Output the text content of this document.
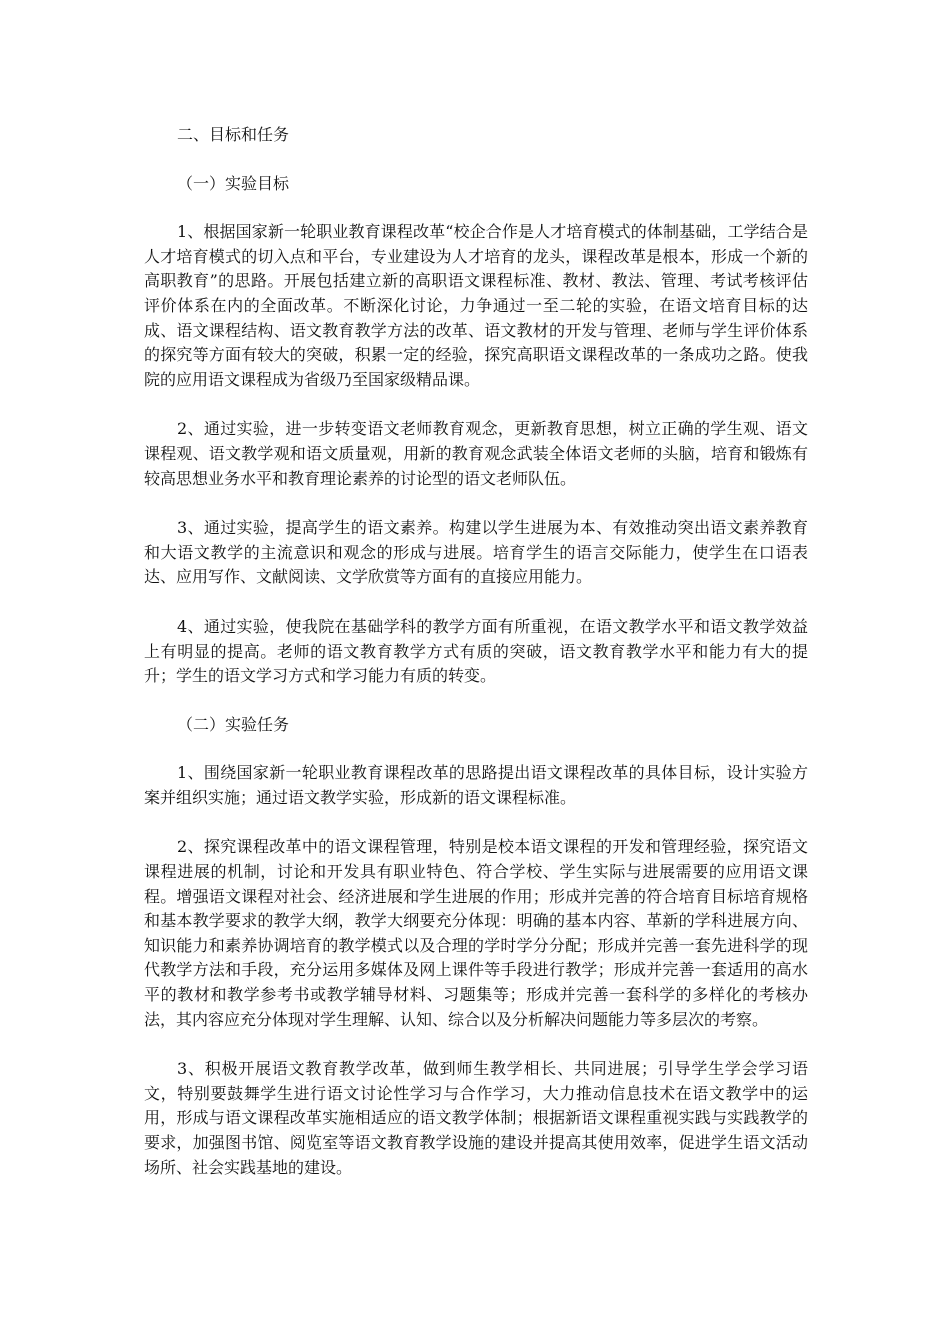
二、目标和任务

（一）实验目标

1、根据国家新一轮职业教育课程改革“校企合作是人才培育模式的体制基础，工学结合是人才培育模式的切入点和平台，专业建设为人才培育的龙头，课程改革是根本，形成一个新的高职教育”的思路。开展包括建立新的高职语文课程标准、教材、教法、管理、考试考核评估评价体系在内的全面改革。不断深化讨论，力争通过一至二轮的实验，在语文培育目标的达成、语文课程结构、语文教育教学方法的改革、语文教材的开发与管理、老师与学生评价体系的探究等方面有较大的突破，积累一定的经验，探究高职语文课程改革的一条成功之路。使我院的应用语文课程成为省级乃至国家级精品课。

2、通过实验，进一步转变语文老师教育观念，更新教育思想，树立正确的学生观、语文课程观、语文教学观和语文质量观，用新的教育观念武装全体语文老师的头脑，培育和锻炼有较高思想业务水平和教育理论素养的讨论型的语文老师队伍。

3、通过实验，提高学生的语文素养。构建以学生进展为本、有效推动突出语文素养教育和大语文教学的主流意识和观念的形成与进展。培育学生的语言交际能力，使学生在口语表达、应用写作、文献阅读、文学欣赏等方面有的直接应用能力。

4、通过实验，使我院在基础学科的教学方面有所重视，在语文教学水平和语文教学效益上有明显的提高。老师的语文教育教学方式有质的突破，语文教育教学水平和能力有大的提升；学生的语文学习方式和学习能力有质的转变。

（二）实验任务

1、围绕国家新一轮职业教育课程改革的思路提出语文课程改革的具体目标，设计实验方案并组织实施；通过语文教学实验，形成新的语文课程标准。

2、探究课程改革中的语文课程管理，特别是校本语文课程的开发和管理经验，探究语文课程进展的机制，讨论和开发具有职业特色、符合学校、学生实际与进展需要的应用语文课程。增强语文课程对社会、经济进展和学生进展的作用；形成并完善的符合培育目标培育规格和基本教学要求的教学大纲，教学大纲要充分体现：明确的基本内容、革新的学科进展方向、知识能力和素养协调培育的教学模式以及合理的学时学分分配；形成并完善一套先进科学的现代教学方法和手段，充分运用多媒体及网上课件等手段进行教学；形成并完善一套适用的高水平的教材和教学参考书或教学辅导材料、习题集等；形成并完善一套科学的多样化的考核办法，其内容应充分体现对学生理解、认知、综合以及分析解决问题能力等多层次的考察。

3、积极开展语文教育教学改革，做到师生教学相长、共同进展；引导学生学会学习语文，特别要鼓舞学生进行语文讨论性学习与合作学习，大力推动信息技术在语文教学中的运用，形成与语文课程改革实施相适应的语文教学体制；根据新语文课程重视实践与实践教学的要求，加强图书馆、阅览室等语文教育教学设施的建设并提高其使用效率，促进学生语文活动场所、社会实践基地的建设。
